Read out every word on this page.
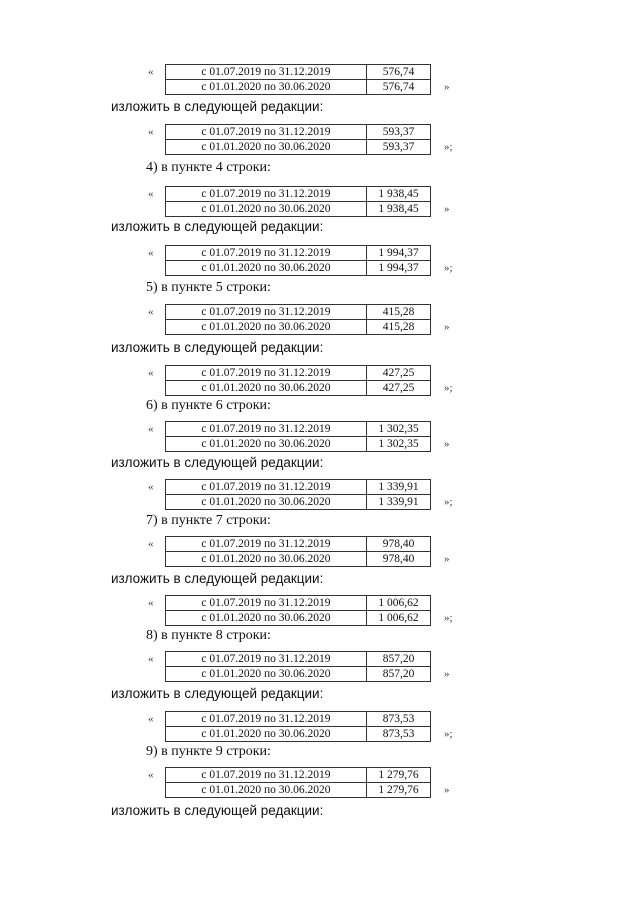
«	с 01.07.2019 по 31.12.2019	576,74
с 01.01.2020 по 30.06.2020	576,74	»
изложить в следующей редакции:
«	с 01.07.2019 по 31.12.2019	593,37
с 01.01.2020 по 30.06.2020	593,37	»;
4) в пункте 4 строки:
«	с 01.07.2019 по 31.12.2019	1 938,45
с 01.01.2020 по 30.06.2020	1 938,45 »
изложить в следующей редакции:
«	с 01.07.2019 по 31.12.2019	1 994,37
с 01.01.2020 по 30.06.2020	1 994,37 »;
5) в пункте 5 строки:
«	с 01.07.2019 по 31.12.2019	415,28
с 01.01.2020 по 30.06.2020	415,28	»
изложить в следующей редакции:
«	с 01.07.2019 по 31.12.2019	427,25
с 01.01.2020 по 30.06.2020	427,25	»;
6) в пункте 6 строки:
«	с 01.07.2019 по 31.12.2019	1 302,35
с 01.01.2020 по 30.06.2020	1 302,35 »
изложить в следующей редакции:
«	с 01.07.2019 по 31.12.2019	1 339,91
с 01.01.2020 по 30.06.2020	1 339,91 »;
7) в пункте 7 строки:
«	с 01.07.2019 по 31.12.2019	978,40
с 01.01.2020 по 30.06.2020	978,40	»
изложить в следующей редакции:
«	с 01.07.2019 по 31.12.2019	1 006,62
с 01.01.2020 по 30.06.2020	1 006,62 »;
8) в пункте 8 строки:
«	с 01.07.2019 по 31.12.2019	857,20
с 01.01.2020 по 30.06.2020	857,20	»
изложить в следующей редакции:
«	с 01.07.2019 по 31.12.2019	873,53
с 01.01.2020 по 30.06.2020	873,53	»;
9) в пункте 9 строки:
«	с 01.07.2019 по 31.12.2019	1 279,76
с 01.01.2020 по 30.06.2020	1 279,76 »
изложить в следующей редакции:
